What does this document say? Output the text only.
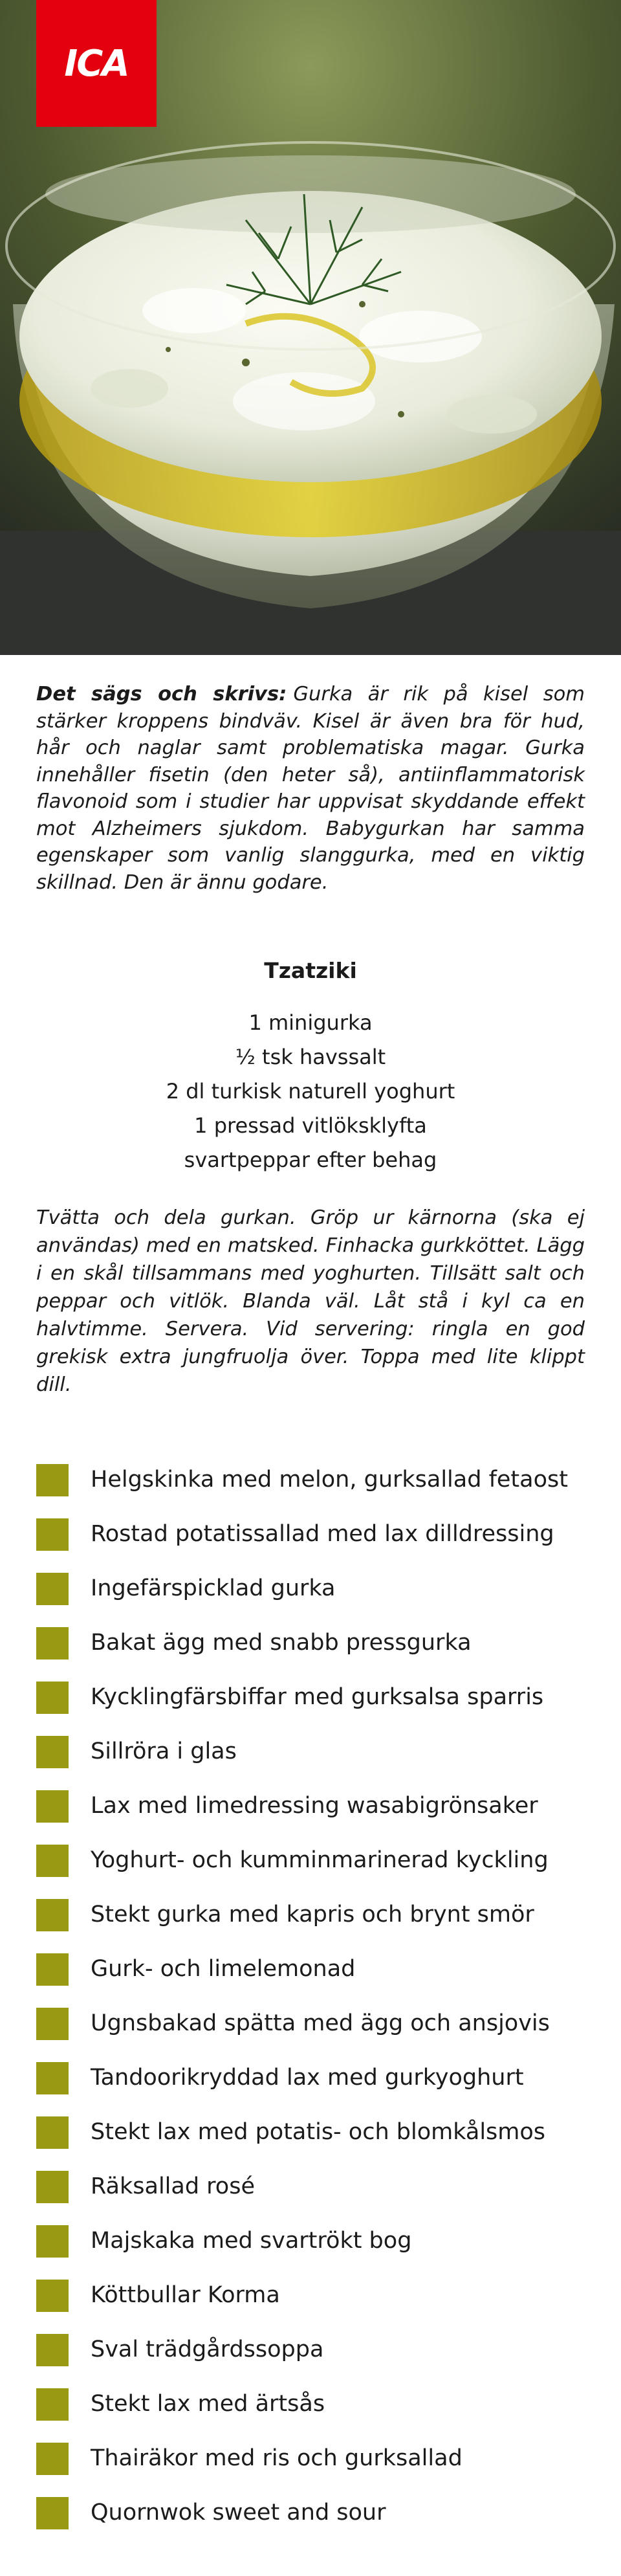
ICA
Det sägs och skrivs: Gurka är rik på kisel som stärker kroppens bindväv. Kisel är även bra för hud, hår och naglar samt problematiska magar. Gurka innehåller fisetin (den heter så), antiinflammatorisk flavonoid som i studier har uppvisat skyddande effekt mot Alzheimers sjukdom. Babygurkan har samma egenskaper som vanlig slanggurka, med en viktig skillnad. Den är ännu godare.
Tzatziki
1 minigurka
½ tsk havssalt
2 dl turkisk naturell yoghurt
1 pressad vitlöksklyfta
svartpeppar efter behag
Tvätta och dela gurkan. Gröp ur kärnorna (ska ej användas) med en matsked. Finhacka gurkköttet. Lägg i en skål tillsammans med yoghurten. Tillsätt salt och peppar och vitlök. Blanda väl. Låt stå i kyl ca en halvtimme. Servera. Vid servering: ringla en god grekisk extra jungfruolja över. Toppa med lite klippt dill.
Helgskinka med melon, gurksallad fetaost
Rostad potatissallad med lax dilldressing
Ingefärspicklad gurka
Bakat ägg med snabb pressgurka
Kycklingfärsbiffar med gurksalsa sparris
Sillröra i glas
Lax med limedressing wasabigrönsaker
Yoghurt- och kumminmarinerad kyckling
Stekt gurka med kapris och brynt smör
Gurk- och limelemonad
Ugnsbakad spätta med ägg och ansjovis
Tandoorikryddad lax med gurkyoghurt
Stekt lax med potatis- och blomkålsmos
Räksallad rosé
Majskaka med svartrökt bog
Köttbullar Korma
Sval trädgårdssoppa
Stekt lax med ärtsås
Thairäkor med ris och gurksallad
Quornwok sweet and sour
